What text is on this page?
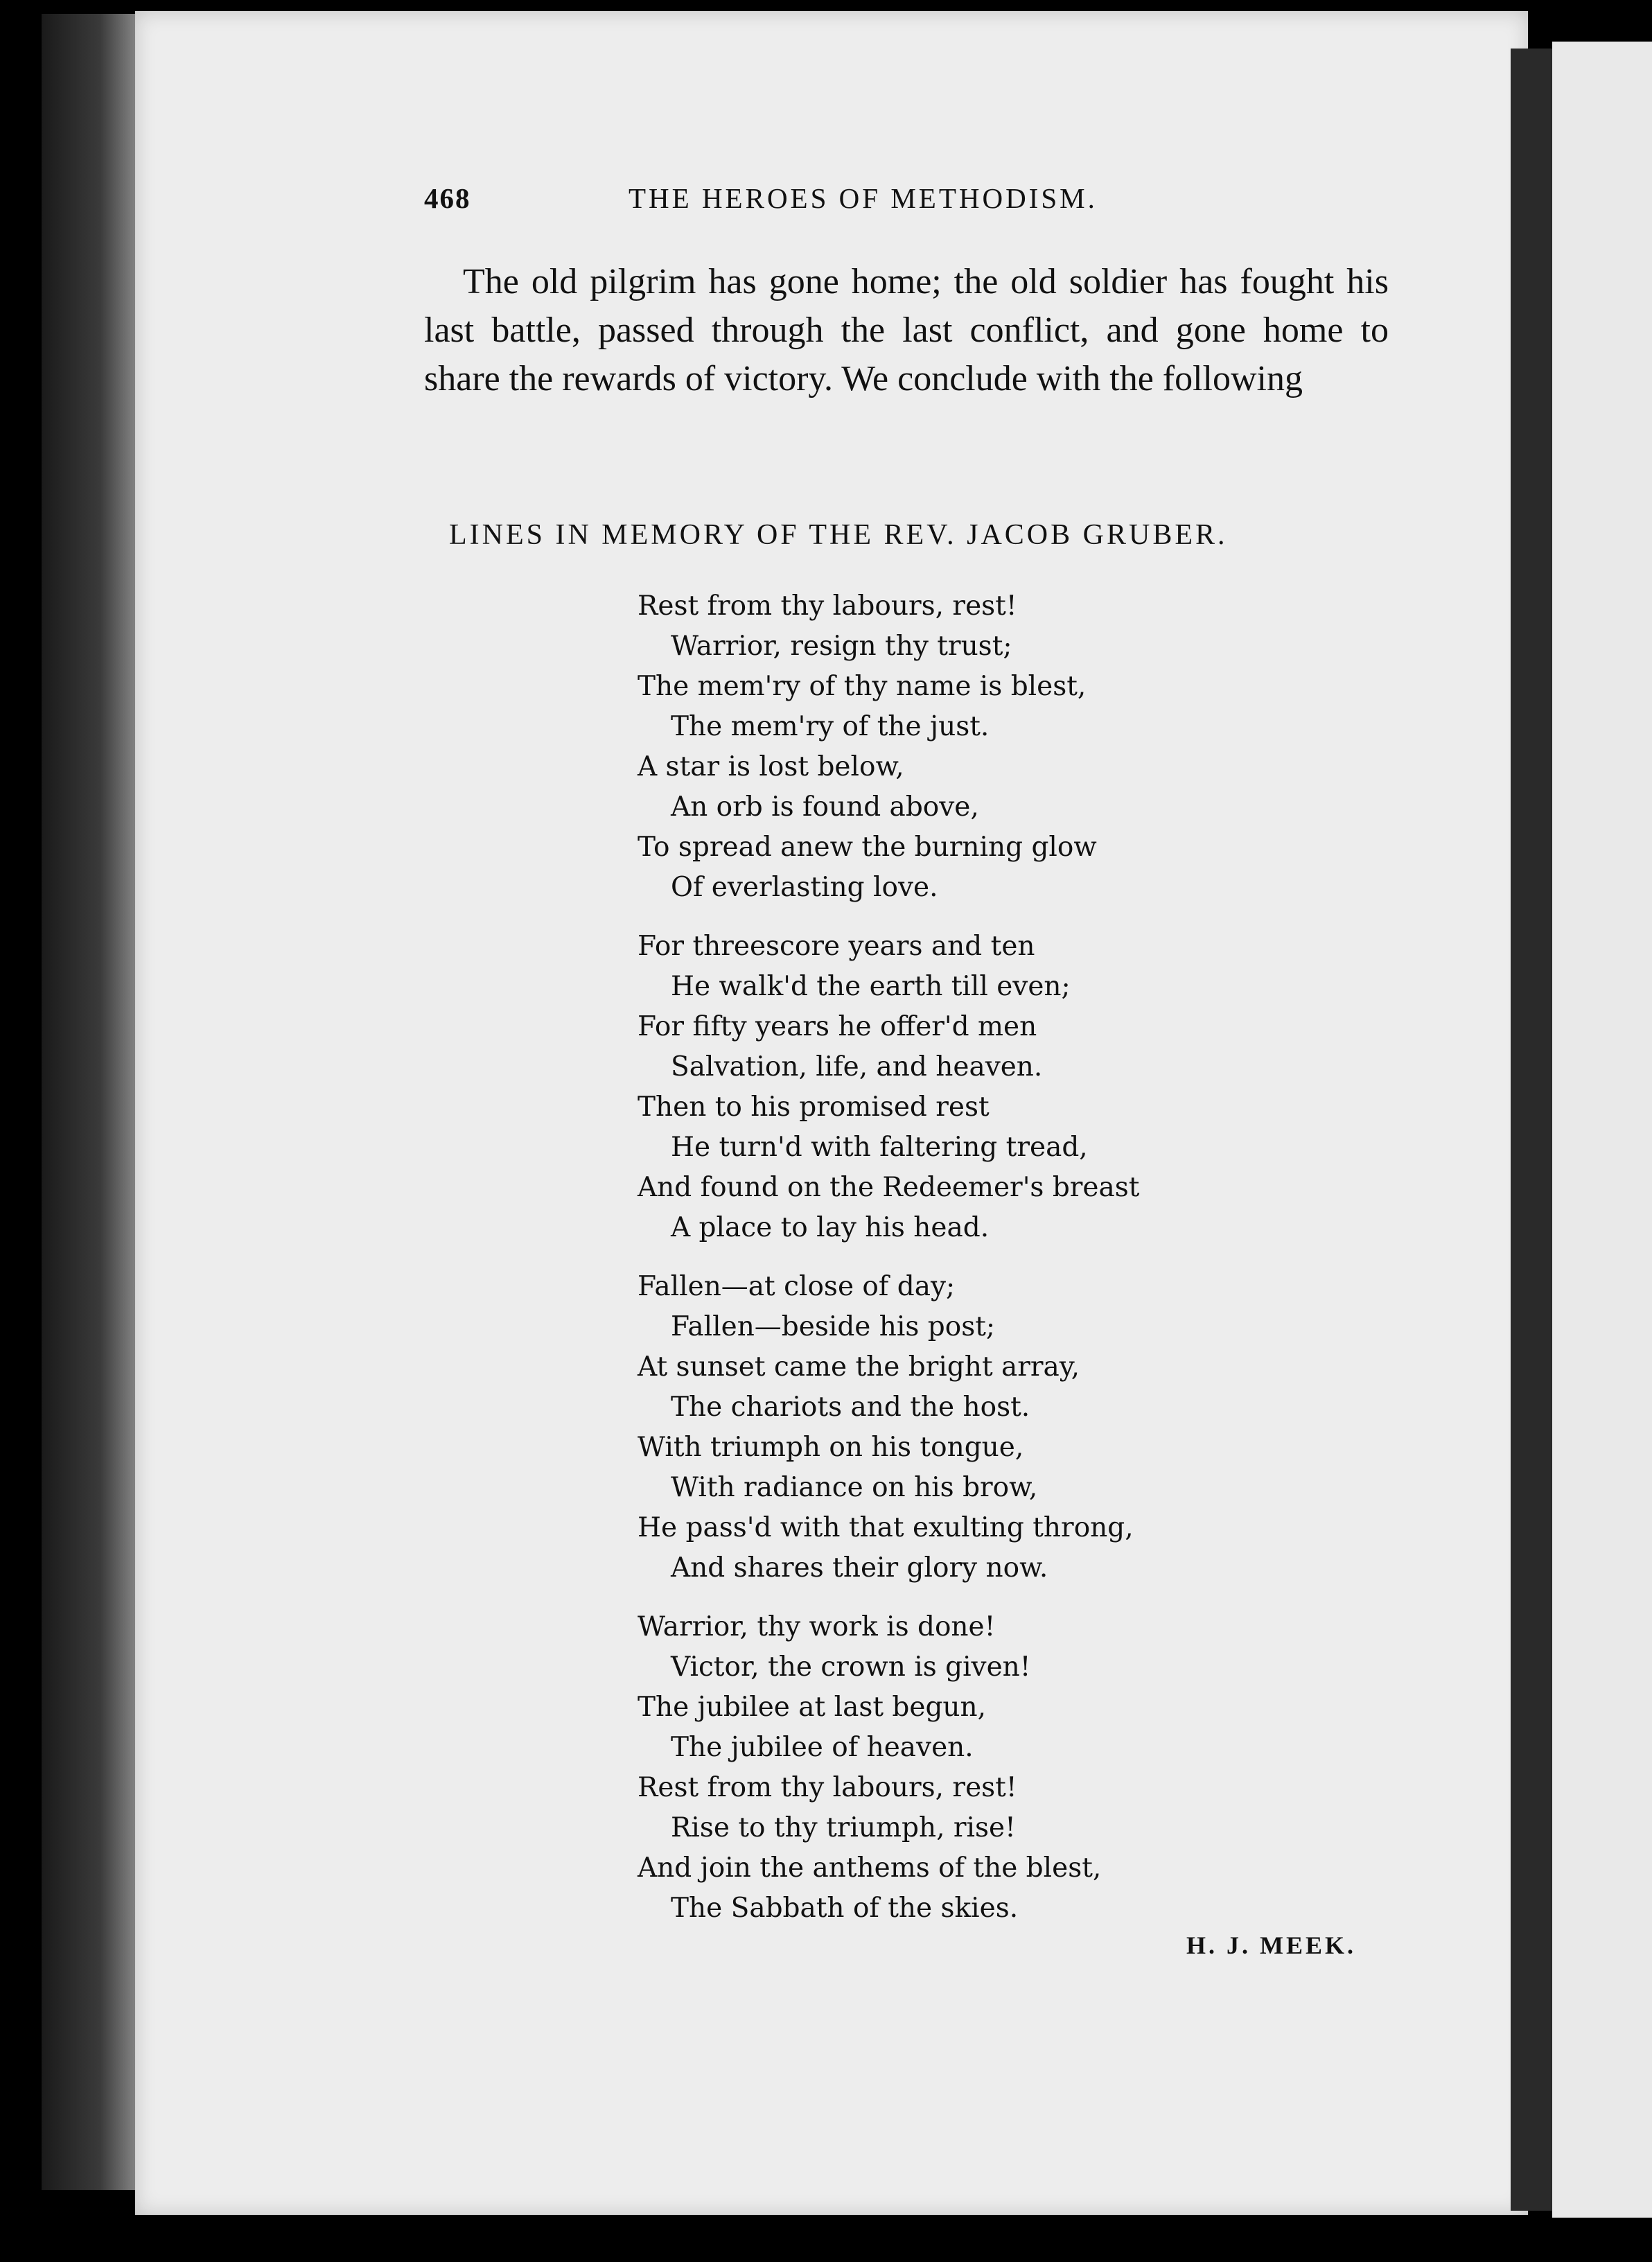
468	THE HEROES OF METHODISM.
The old pilgrim has gone home; the old soldier has fought his last battle, passed through the last conflict, and gone home to share the rewards of victory. We conclude with the following
LINES IN MEMORY OF THE REV. JACOB GRUBER.
Rest from thy labours, rest!
Warrior, resign thy trust;
The mem'ry of thy name is blest,
The mem'ry of the just.
A star is lost below,
An orb is found above,
To spread anew the burning glow
Of everlasting love.
For threescore years and ten
He walk'd the earth till even;
For fifty years he offer'd men
Salvation, life, and heaven.
Then to his promised rest
He turn'd with faltering tread,
And found on the Redeemer's breast
A place to lay his head.
Fallen—at close of day;
Fallen—beside his post;
At sunset came the bright array,
The chariots and the host.
With triumph on his tongue,
With radiance on his brow,
He pass'd with that exulting throng,
And shares their glory now.
Warrior, thy work is done!
Victor, the crown is given!
The jubilee at last begun,
The jubilee of heaven.
Rest from thy labours, rest!
Rise to thy triumph, rise!
And join the anthems of the blest,
The Sabbath of the skies.
H. J. MEEK.
